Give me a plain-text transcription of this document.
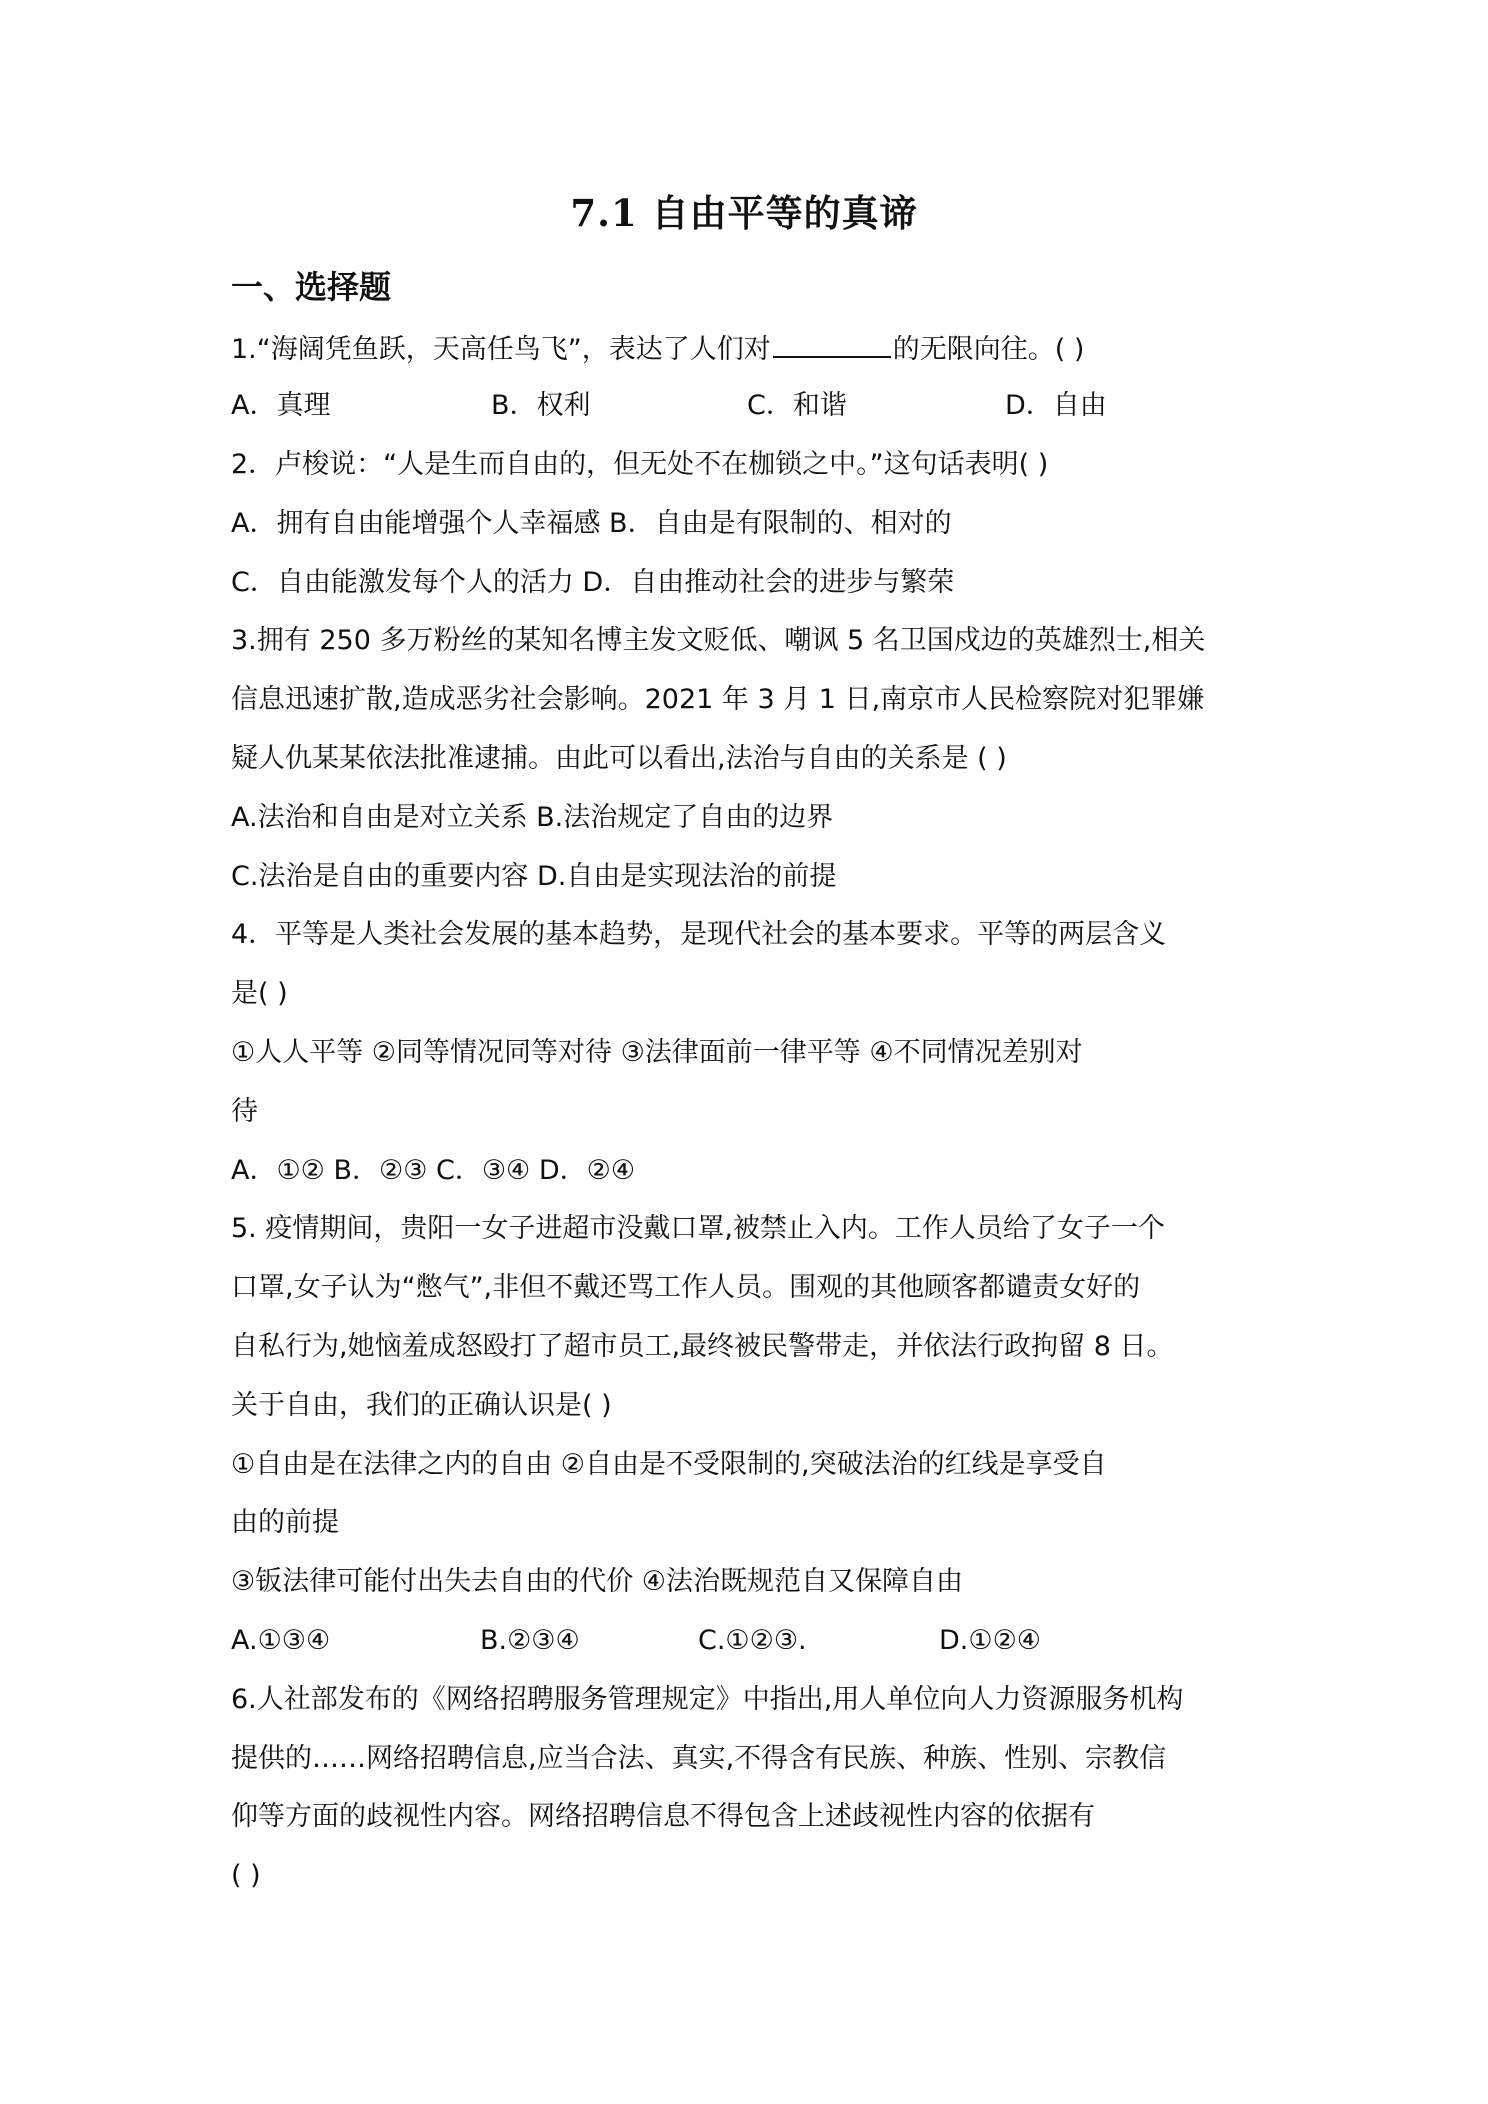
7.1 自由平等的真谛
一、选择题
1.“海阔凭鱼跃，天高任鸟飞”，表达了人们对	的无限向往。( )
A．真理	B．权利	C．和谐	D．自由
2．卢梭说：“人是生而自由的，但无处不在枷锁之中。”这句话表明( )
A．拥有自由能增强个人幸福感 B．自由是有限制的、相对的
C．自由能激发每个人的活力 D．自由推动社会的进步与繁荣
3.拥有 250 多万粉丝的某知名博主发文贬低、嘲讽 5 名卫国戍边的英雄烈士,相关
信息迅速扩散,造成恶劣社会影响。2021 年 3 月 1 日,南京市人民检察院对犯罪嫌
疑人仇某某依法批准逮捕。由此可以看出,法治与自由的关系是 ( )
A.法治和自由是对立关系 B.法治规定了自由的边界
C.法治是自由的重要内容 D.自由是实现法治的前提
4．平等是人类社会发展的基本趋势，是现代社会的基本要求。平等的两层含义
是( )
①人人平等 ②同等情况同等对待 ③法律面前一律平等 ④不同情况差别对
待
A．①② B．②③ C．③④ D．②④
5. 疫情期间，贵阳一女子进超市没戴口罩,被禁止入内。工作人员给了女子一个
口罩,女子认为“憋气”,非但不戴还骂工作人员。围观的其他顾客都谴责女好的
自私行为,她恼羞成怒殴打了超市员工,最终被民警带走，并依法行政拘留 8 日。
关于自由，我们的正确认识是( )
①自由是在法律之内的自由 ②自由是不受限制的,突破法治的红线是享受自
由的前提
③钣法律可能付出失去自由的代价 ④法治既规范自又保障自由
A.①③④	B.②③④	C.①②③.	D.①②④
6.人社部发布的《网络招聘服务管理规定》中指出,用人单位向人力资源服务机构
提供的……网络招聘信息,应当合法、真实,不得含有民族、种族、性别、宗教信
仰等方面的歧视性内容。网络招聘信息不得包含上述歧视性内容的依据有
( )
